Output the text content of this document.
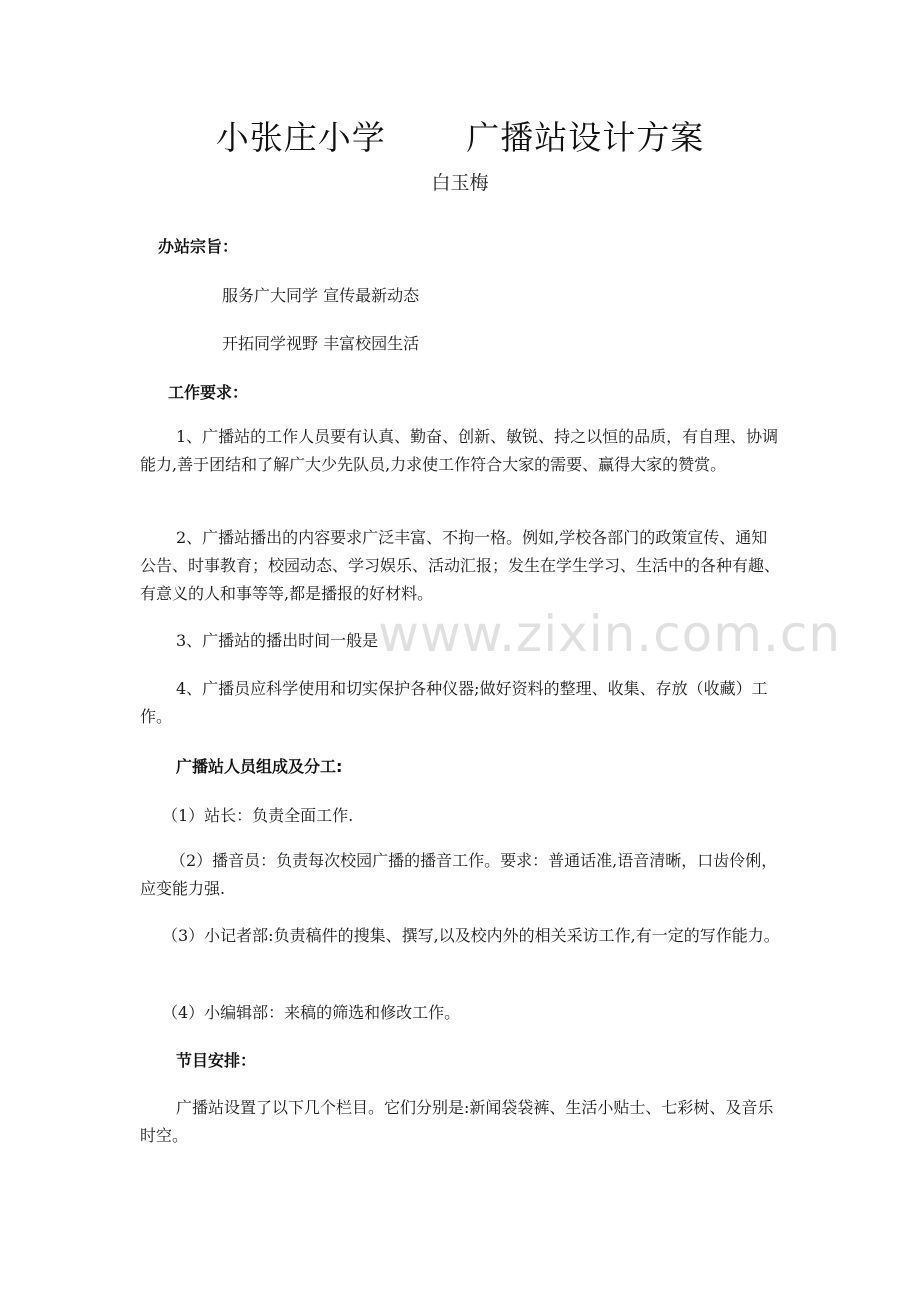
小张庄小学       广播站设计方案
白玉梅
办站宗旨：
服务广大同学 宣传最新动态
开拓同学视野 丰富校园生活
工作要求：
1、广播站的工作人员要有认真、勤奋、创新、敏锐、持之以恒的品质，有自理、协调能力,善于团结和了解广大少先队员,力求使工作符合大家的需要、赢得大家的赞赏。
2、广播站播出的内容要求广泛丰富、不拘一格。例如,学校各部门的政策宣传、通知公告、时事教育；校园动态、学习娱乐、活动汇报；发生在学生学习、生活中的各种有趣、有意义的人和事等等,都是播报的好材料。
3、广播站的播出时间一般是 www.zixin.com.cn
4、广播员应科学使用和切实保护各种仪器;做好资料的整理、收集、存放（收藏）工作。
广播站人员组成及分工:
（1）站长：负责全面工作.
（2）播音员：负责每次校园广播的播音工作。要求：普通话准,语音清晰，口齿伶俐，应变能力强.
（3）小记者部:负责稿件的搜集、撰写,以及校内外的相关采访工作,有一定的写作能力。
（4）小编辑部：来稿的筛选和修改工作。
节目安排：
广播站设置了以下几个栏目。它们分别是:新闻袋袋裤、生活小贴士、七彩树、及音乐时空。
